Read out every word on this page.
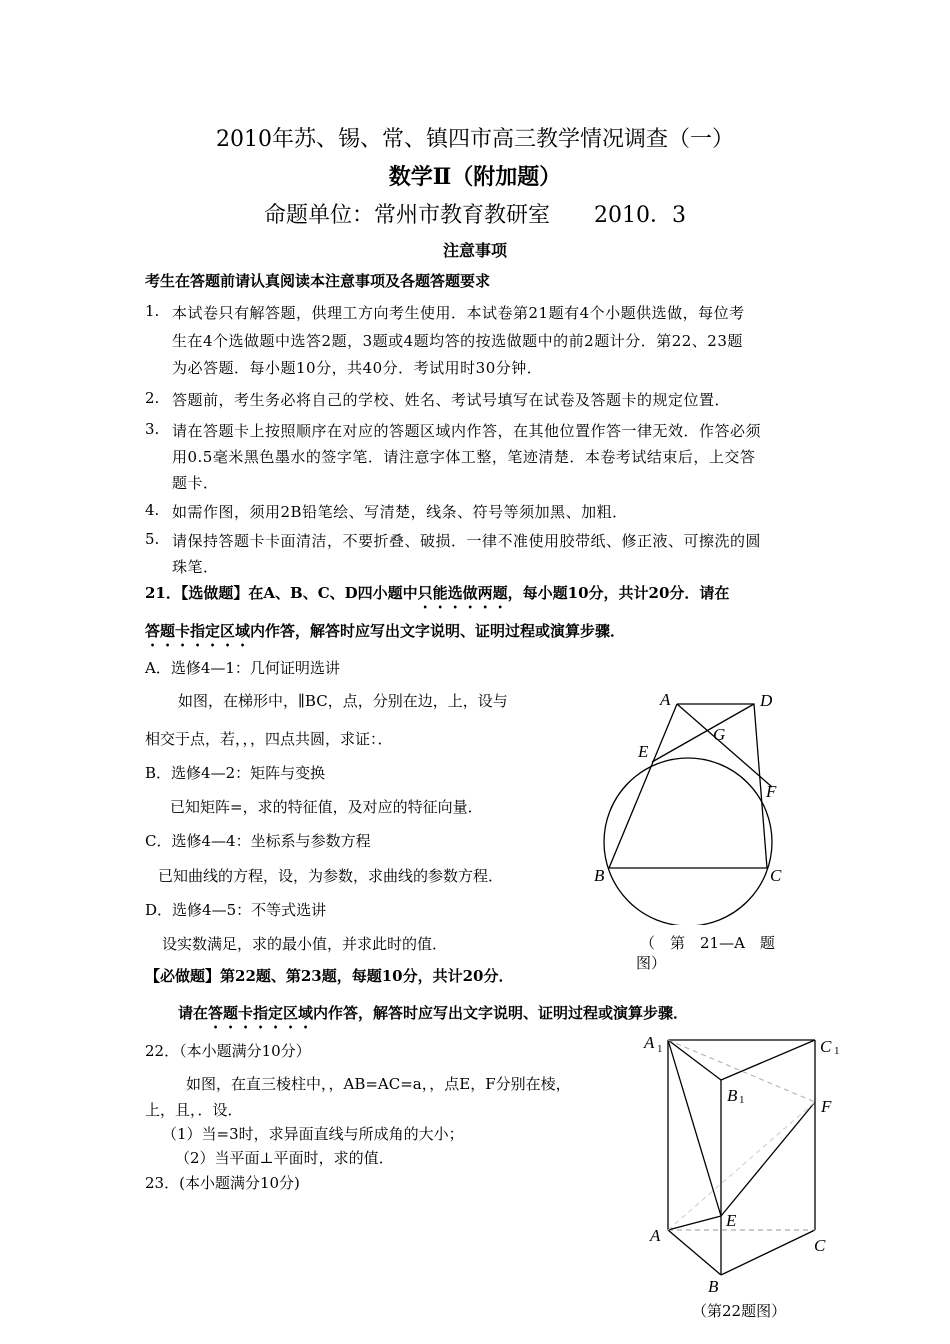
2010年苏、锡、常、镇四市高三教学情况调查（一）
数学Ⅱ（附加题）
命题单位：常州市教育教研室　　2010．3
注意事项
考生在答题前请认真阅读本注意事项及各题答题要求
1. 本试卷只有解答题，供理工方向考生使用．本试卷第21题有4个小题供选做，每位考
生在4个选做题中选答2题，3题或4题均答的按选做题中的前2题计分．第22、23题
为必答题．每小题10分，共40分．考试用时30分钟．
2. 答题前，考生务必将自己的学校、姓名、考试号填写在试卷及答题卡的规定位置．
3. 请在答题卡上按照顺序在对应的答题区域内作答，在其他位置作答一律无效．作答必须
用0.5毫米黑色墨水的签字笔．请注意字体工整，笔迹清楚．本卷考试结束后，上交答
题卡．
4. 如需作图，须用2B铅笔绘、写清楚，线条、符号等须加黑、加粗．
5. 请保持答题卡卡面清洁，不要折叠、破损．一律不准使用胶带纸、修正液、可擦洗的圆
珠笔．
21．【选做题】在A、B、C、D四小题中只能选做两题，每小题10分，共计20分．请在
答题卡指定区域内作答，解答时应写出文字说明、证明过程或演算步骤．
A．选修4—1：几何证明选讲
如图，在梯形中，∥BC，点，分别在边，上，设与
相交于点，若，，，四点共圆，求证：．
B．选修4—2：矩阵与变换
已知矩阵=，求的特征值，及对应的特征向量．
C．选修4—4：坐标系与参数方程
已知曲线的方程，设，为参数，求曲线的参数方程．
D．选修4—5：不等式选讲
设实数满足，求的最小值，并求此时的值．
A	D
G
E
F
B	C
（　第　21—A　题
图）
【必做题】第22题、第23题，每题10分，共计20分．
请在答题卡指定区域内作答，解答时应写出文字说明、证明过程或演算步骤．
22．（本小题满分10分）
如图，在直三棱柱中，，AB=AC=a，，点E，F分别在棱，
上，且，．设．
（1）当=3时，求异面直线与所成角的大小；
（2）当平面⊥平面时，求的值．
23．(本小题满分10分)
A 1	C 1
B 1	F
E
A
C
B
（第22题图）
